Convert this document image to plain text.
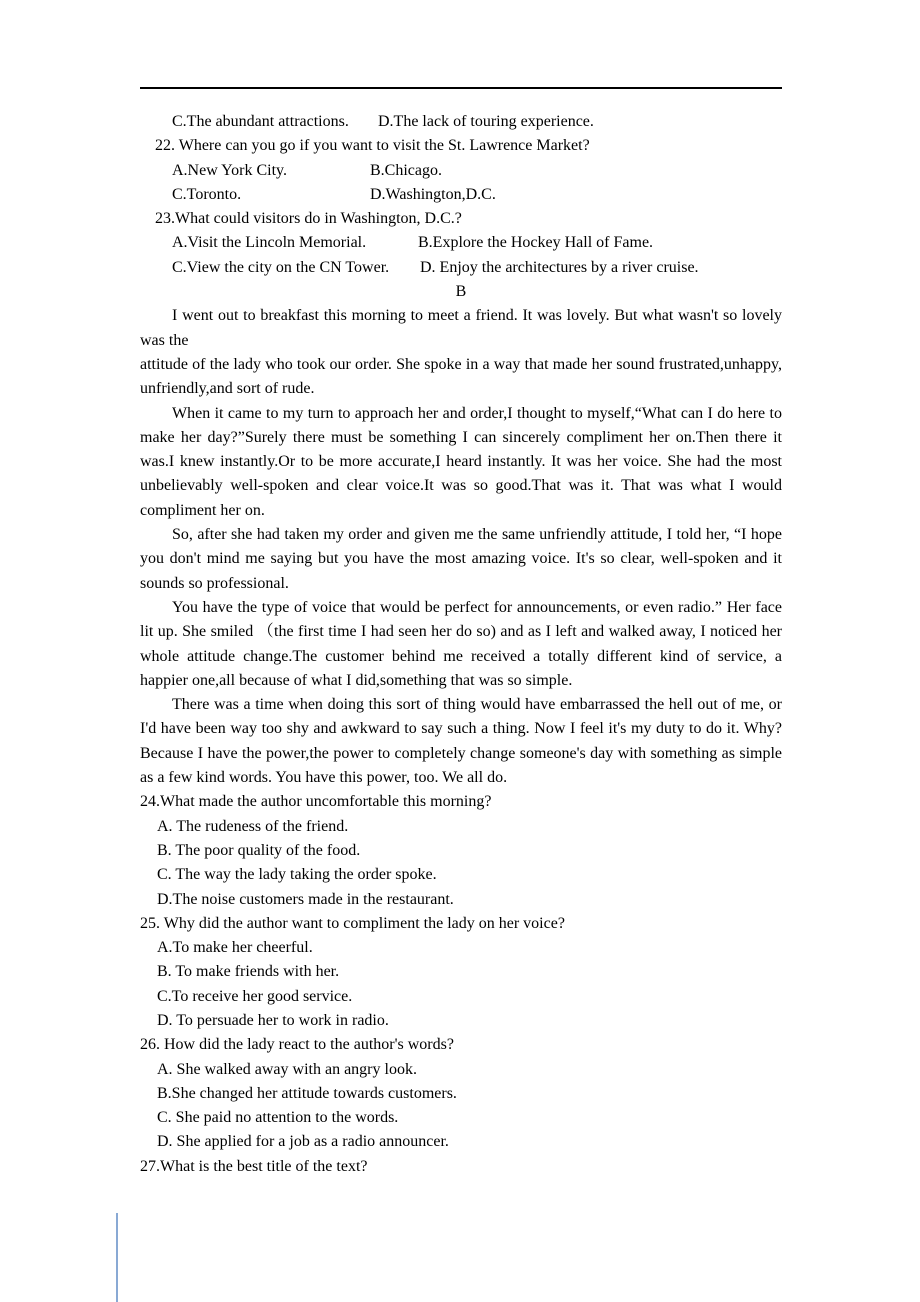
C.The abundant attractions.	D.The lack of touring experience.
22. Where can you go if you want to visit the St. Lawrence Market?
A.New York City.	B.Chicago.
C.Toronto.	D.Washington,D.C.
23.What could visitors do in Washington, D.C.?
A.Visit the Lincoln Memorial.	B.Explore the Hockey Hall of Fame.
C.View the city on the CN Tower.	D. Enjoy the architectures by a river cruise.
B
I went out to breakfast this morning to meet a friend. It was lovely. But what wasn't so lovely was the
attitude of the lady who took our order. She spoke in a way that made her sound frustrated,unhappy, unfriendly,and sort of rude.
When it came to my turn to approach her and order,I thought to myself,“What can I do here to make her day?”Surely there must be something I can sincerely compliment her on.Then there it was.I knew instantly.Or to be more accurate,I heard instantly. It was her voice. She had the most unbelievably well-spoken and clear voice.It was so good.That was it. That was what I would compliment her on.
So, after she had taken my order and given me the same unfriendly attitude, I told her, “I hope you don't mind me saying but you have the most amazing voice. It's so clear, well-spoken and it sounds so professional.
You have the type of voice that would be perfect for announcements, or even radio.” Her face lit up. She smiled （the first time I had seen her do so) and as I left and walked away, I noticed her whole attitude change.The customer behind me received a totally different kind of service, a happier one,all because of what I did,something that was so simple.
There was a time when doing this sort of thing would have embarrassed the hell out of me, or I'd have been way too shy and awkward to say such a thing. Now I feel it's my duty to do it. Why? Because I have the power,the power to completely change someone's day with something as simple as a few kind words. You have this power, too. We all do.
24.What made the author uncomfortable this morning?
A. The rudeness of the friend.
B. The poor quality of the food.
C. The way the lady taking the order spoke.
D.The noise customers made in the restaurant.
25. Why did the author want to compliment the lady on her voice?
A.To make her cheerful.
B. To make friends with her.
C.To receive her good service.
D. To persuade her to work in radio.
26. How did the lady react to the author's words?
A. She walked away with an angry look.
B.She changed her attitude towards customers.
C. She paid no attention to the words.
D. She applied for a job as a radio announcer.
27.What is the best title of the text?
